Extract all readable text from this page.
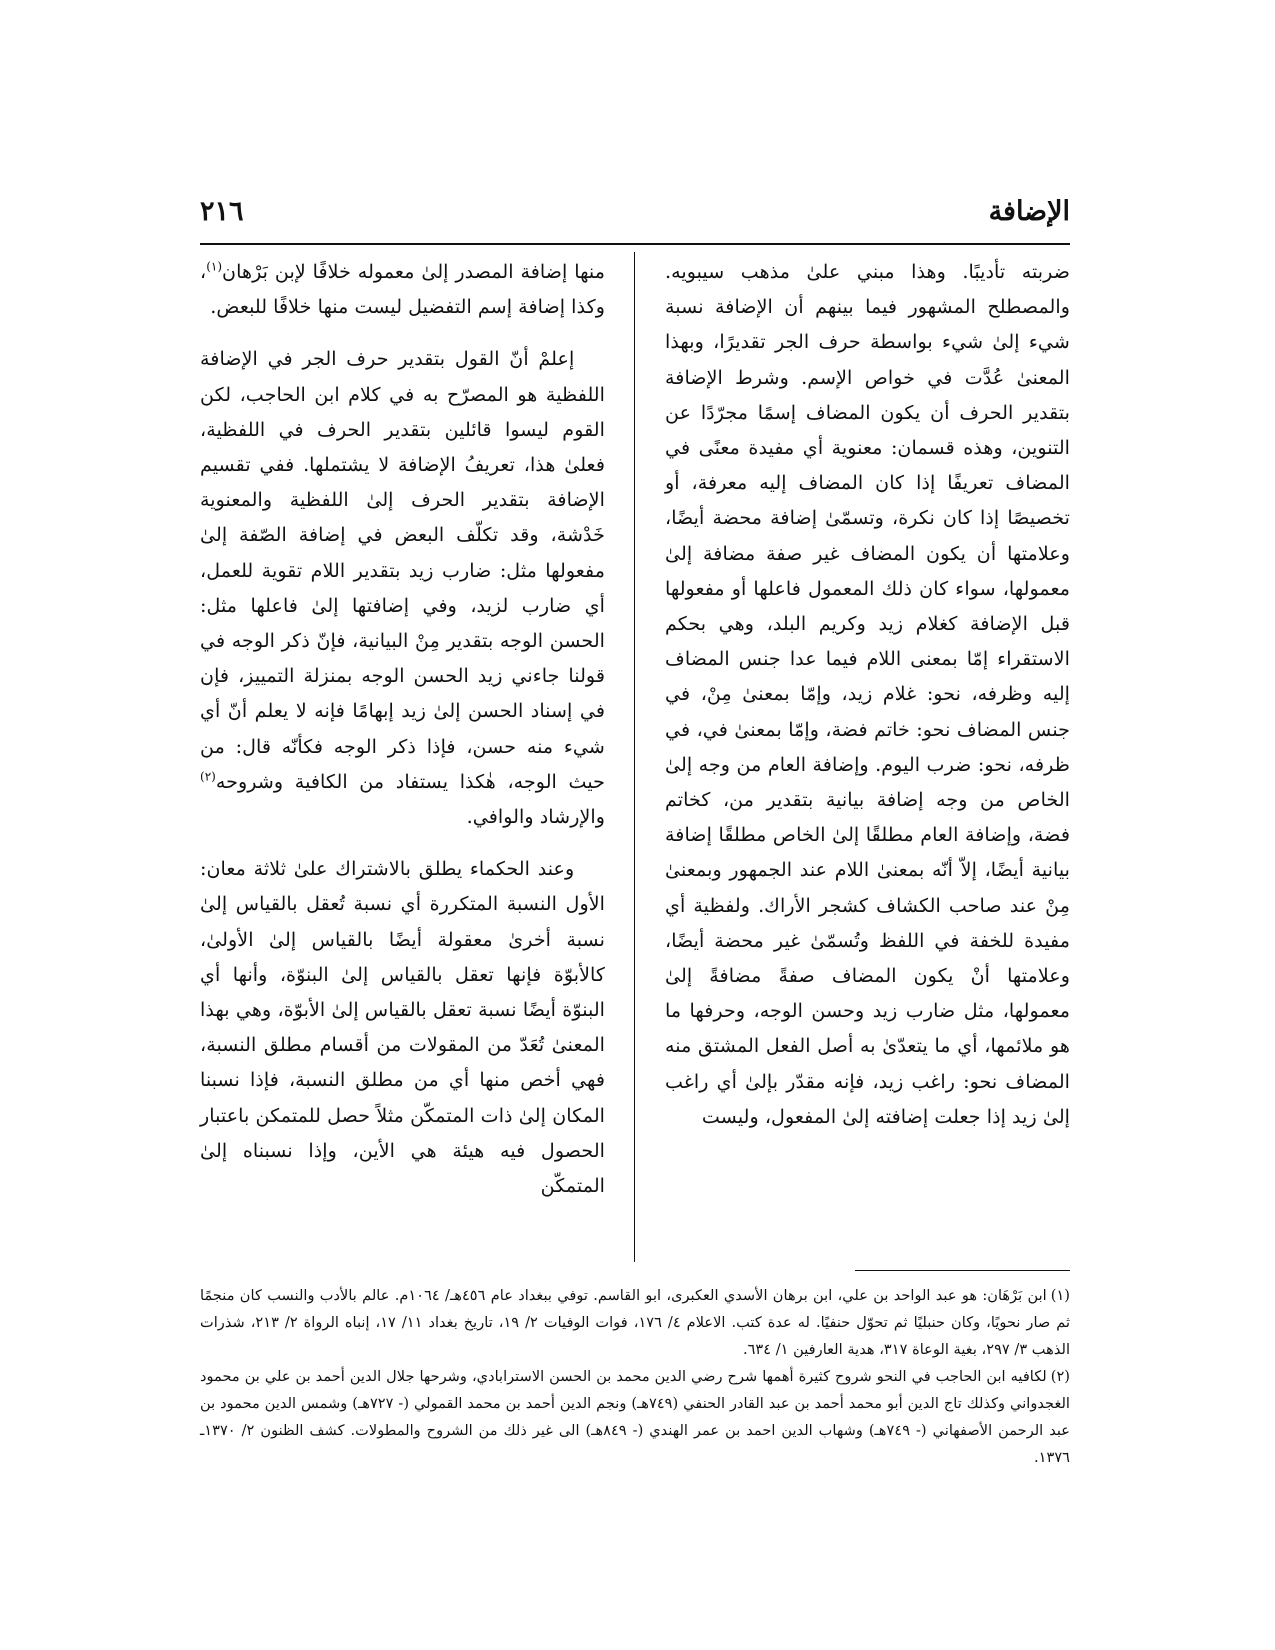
الإضافة
٢١٦

ضربته تأديبًا. وهذا مبني علىٰ مذهب سيبويه. والمصطلح المشهور فيما بينهم أن الإضافة نسبة شيء إلىٰ شيء بواسطة حرف الجر تقديرًا، وبهذا المعنىٰ عُدَّت في خواص الإسم. وشرط الإضافة بتقدير الحرف أن يكون المضاف إسمًا مجرّدًا عن التنوين، وهذه قسمان: معنوية أي مفيدة معنًى في المضاف تعريفًا إذا كان المضاف إليه معرفة، أو تخصيصًا إذا كان نكرة، وتسمّىٰ إضافة محضة أيضًا، وعلامتها أن يكون المضاف غير صفة مضافة إلىٰ معمولها، سواء كان ذلك المعمول فاعلها أو مفعولها قبل الإضافة كغلام زيد وكريم البلد، وهي بحكم الاستقراء إمّا بمعنى اللام فيما عدا جنس المضاف إليه وظرفه، نحو: غلام زيد، وإمّا بمعنىٰ مِنْ، في جنس المضاف نحو: خاتم فضة، وإمّا بمعنىٰ في، في ظرفه، نحو: ضرب اليوم. وإضافة العام من وجه إلىٰ الخاص من وجه إضافة بيانية بتقدير من، كخاتم فضة، وإضافة العام مطلقًا إلىٰ الخاص مطلقًا إضافة بيانية أيضًا، إلاّ أنّه بمعنىٰ اللام عند الجمهور وبمعنىٰ مِنْ عند صاحب الكشاف كشجر الأراك. ولفظية أي مفيدة للخفة في اللفظ وتُسمّىٰ غير محضة أيضًا، وعلامتها أنْ يكون المضاف صفةً مضافةً إلىٰ معمولها، مثل ضارب زيد وحسن الوجه، وحرفها ما هو ملائمها، أي ما يتعدّىٰ به أصل الفعل المشتق منه المضاف نحو: راغب زيد، فإنه مقدّر بإلىٰ أي راغب إلىٰ زيد إذا جعلت إضافته إلىٰ المفعول، وليست

منها إضافة المصدر إلىٰ معموله خلافًا لإبن بَرْهان$^{(١)}$، وكذا إضافة إسم التفضيل ليست منها خلافًا للبعض.

إعلمْ أنّ القول بتقدير حرف الجر في الإضافة اللفظية هو المصرّح به في كلام ابن الحاجب، لكن القوم ليسوا قائلين بتقدير الحرف في اللفظية، فعلىٰ هذا، تعريفُ الإضافة لا يشتملها. ففي تقسيم الإضافة بتقدير الحرف إلىٰ اللفظية والمعنوية خَدْشة، وقد تكلّف البعض في إضافة الصّفة إلىٰ مفعولها مثل: ضارب زيد بتقدير اللام تقوية للعمل، أي ضارب لزيد، وفي إضافتها إلىٰ فاعلها مثل: الحسن الوجه بتقدير مِنْ البيانية، فإنّ ذكر الوجه في قولنا جاءني زيد الحسن الوجه بمنزلة التمييز، فإن في إسناد الحسن إلىٰ زيد إبهامًا فإنه لا يعلم أنّ أي شيء منه حسن، فإذا ذكر الوجه فكأنّه قال: من حيث الوجه، هٰكذا يستفاد من الكافية وشروحه$^{(٢)}$ والإرشاد والوافي.

وعند الحكماء يطلق بالاشتراك علىٰ ثلاثة معان: الأول النسبة المتكررة أي نسبة تُعقل بالقياس إلىٰ نسبة أخرىٰ معقولة أيضًا بالقياس إلىٰ الأولىٰ، كالأبوّة فإنها تعقل بالقياس إلىٰ البنوّة، وأنها أي البنوّة أيضًا نسبة تعقل بالقياس إلىٰ الأبوّة، وهي بهذا المعنىٰ تُعَدّ من المقولات من أقسام مطلق النسبة، فهي أخص منها أي من مطلق النسبة، فإذا نسبنا المكان إلىٰ ذات المتمكّن مثلاً حصل للمتمكن باعتبار الحصول فيه هيئة هي الأين، وإذا نسبناه إلىٰ المتمكّن

(١)ابن بَرْهَان: هو عبد الواحد بن علي، ابن برهان الأسدي العكبرى، ابو القاسم. توفي ببغداد عام ٤٥٦هـ/ ١٠٦٤م. عالم بالأدب والنسب كان منجمًا ثم صار نحويًا، وكان حنبليًا ثم تحوّل حنفيًا. له عدة كتب. الاعلام ٤/ ١٧٦، فوات الوفيات ٢/ ١٩، تاريخ بغداد ١١/ ١٧، إنباه الرواة ٢/ ٢١٣، شذرات الذهب ٣/ ٢٩٧، بغية الوعاة ٣١٧، هدية العارفين ١/ ٦٣٤.

(٢)لكافيه ابن الحاجب في النحو شروح كثيرة أهمها شرح رضي الدين محمد بن الحسن الاسترابادي، وشرحها جلال الدين أحمد بن علي بن محمود الغجدواني وكذلك تاج الدين أبو محمد أحمد بن عبد القادر الحنفي (٧٤٩هـ) ونجم الدين أحمد بن محمد القمولي (- ٧٢٧هـ) وشمس الدين محمود بن عبد الرحمن الأصفهاني (- ٧٤٩هـ) وشهاب الدين احمد بن عمر الهندي (- ٨٤٩هـ) الى غير ذلك من الشروح والمطولات. كشف الظنون ٢/ ١٣٧٠ـ ١٣٧٦.
